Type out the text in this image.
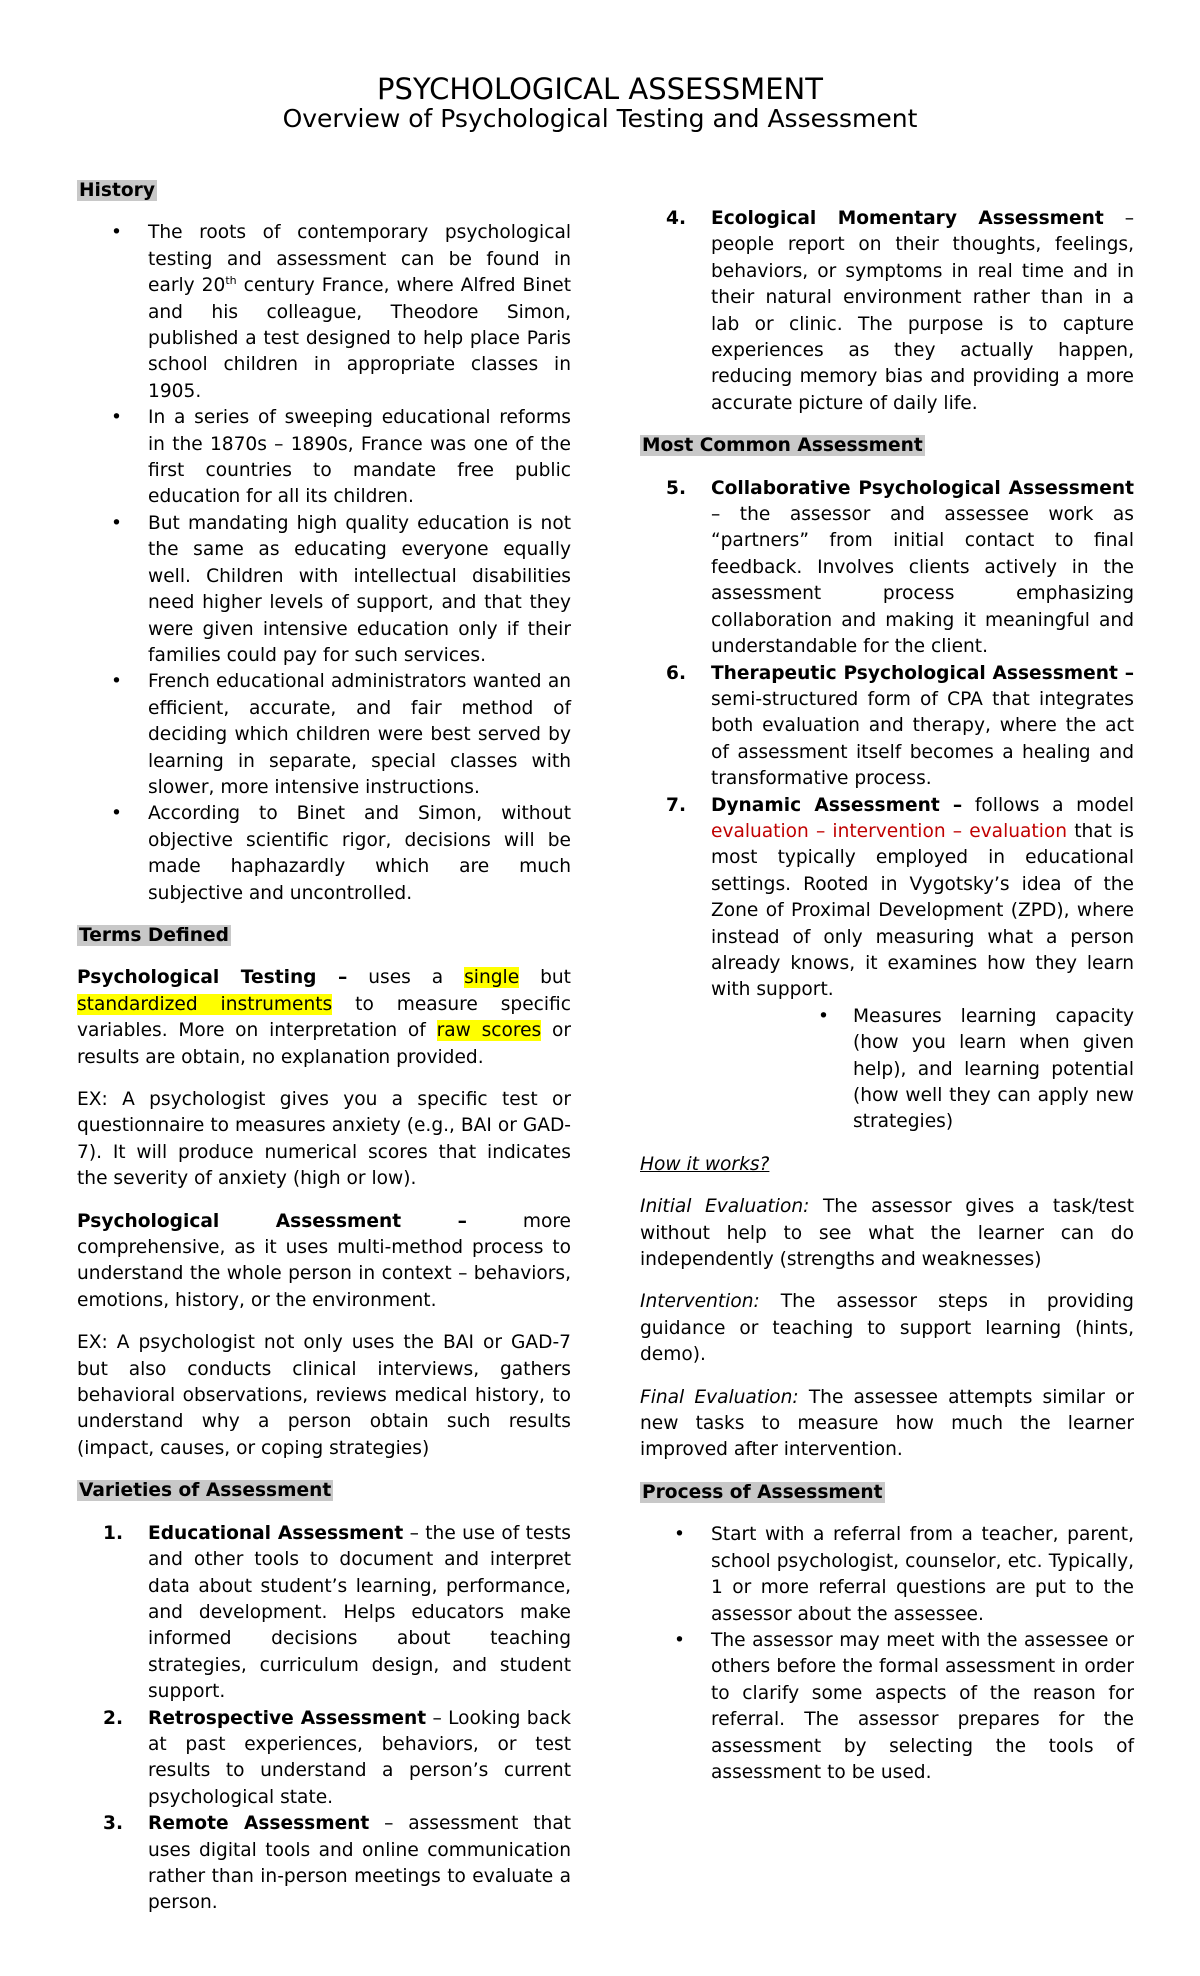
PSYCHOLOGICAL ASSESSMENT
Overview of Psychological Testing and Assessment
History
• The roots of contemporary psychological testing and assessment can be found in early 20th century France, where Alfred Binet and his colleague, Theodore Simon, published a test designed to help place Paris school children in appropriate classes in 1905.
• In a series of sweeping educational reforms in the 1870s – 1890s, France was one of the first countries to mandate free public education for all its children.
• But mandating high quality education is not the same as educating everyone equally well. Children with intellectual disabilities need higher levels of support, and that they were given intensive education only if their families could pay for such services.
• French educational administrators wanted an efficient, accurate, and fair method of deciding which children were best served by learning in separate, special classes with slower, more intensive instructions.
• According to Binet and Simon, without objective scientific rigor, decisions will be made haphazardly which are much subjective and uncontrolled.
Terms Defined

Psychological Testing – uses a single but standardized instruments to measure specific variables. More on interpretation of raw scores or results are obtain, no explanation provided.

EX: A psychologist gives you a specific test or questionnaire to measures anxiety (e.g., BAI or GAD-7). It will produce numerical scores that indicates the severity of anxiety (high or low).

Psychological Assessment – more comprehensive, as it uses multi-method process to understand the whole person in context – behaviors, emotions, history, or the environment.

EX: A psychologist not only uses the BAI or GAD-7 but also conducts clinical interviews, gathers behavioral observations, reviews medical history, to understand why a person obtain such results (impact, causes, or coping strategies)

Varieties of Assessment
1. Educational Assessment – the use of tests and other tools to document and interpret data about student’s learning, performance, and development. Helps educators make informed decisions about teaching strategies, curriculum design, and student support.
2. Retrospective Assessment – Looking back at past experiences, behaviors, or test results to understand a person’s current psychological state.
3. Remote Assessment – assessment that uses digital tools and online communication rather than in-person meetings to evaluate a person.
4. Ecological Momentary Assessment – people report on their thoughts, feelings, behaviors, or symptoms in real time and in their natural environment rather than in a lab or clinic. The purpose is to capture experiences as they actually happen, reducing memory bias and providing a more accurate picture of daily life.
Most Common Assessment
5. Collaborative Psychological Assessment – the assessor and assessee work as “partners” from initial contact to final feedback. Involves clients actively in the assessment process emphasizing collaboration and making it meaningful and understandable for the client.
6. Therapeutic Psychological Assessment – semi-structured form of CPA that integrates both evaluation and therapy, where the act of assessment itself becomes a healing and transformative process.
7. Dynamic Assessment – follows a model evaluation – intervention – evaluation that is most typically employed in educational settings. Rooted in Vygotsky’s idea of the Zone of Proximal Development (ZPD), where instead of only measuring what a person already knows, it examines how they learn with support.
• Measures learning capacity (how you learn when given help), and learning potential (how well they can apply new strategies)

How it works?

Initial Evaluation: The assessor gives a task/test without help to see what the learner can do independently (strengths and weaknesses)

Intervention: The assessor steps in providing guidance or teaching to support learning (hints, demo).

Final Evaluation: The assessee attempts similar or new tasks to measure how much the learner improved after intervention.

Process of Assessment
• Start with a referral from a teacher, parent, school psychologist, counselor, etc. Typically, 1 or more referral questions are put to the assessor about the assessee.
• The assessor may meet with the assessee or others before the formal assessment in order to clarify some aspects of the reason for referral. The assessor prepares for the assessment by selecting the tools of assessment to be used.
